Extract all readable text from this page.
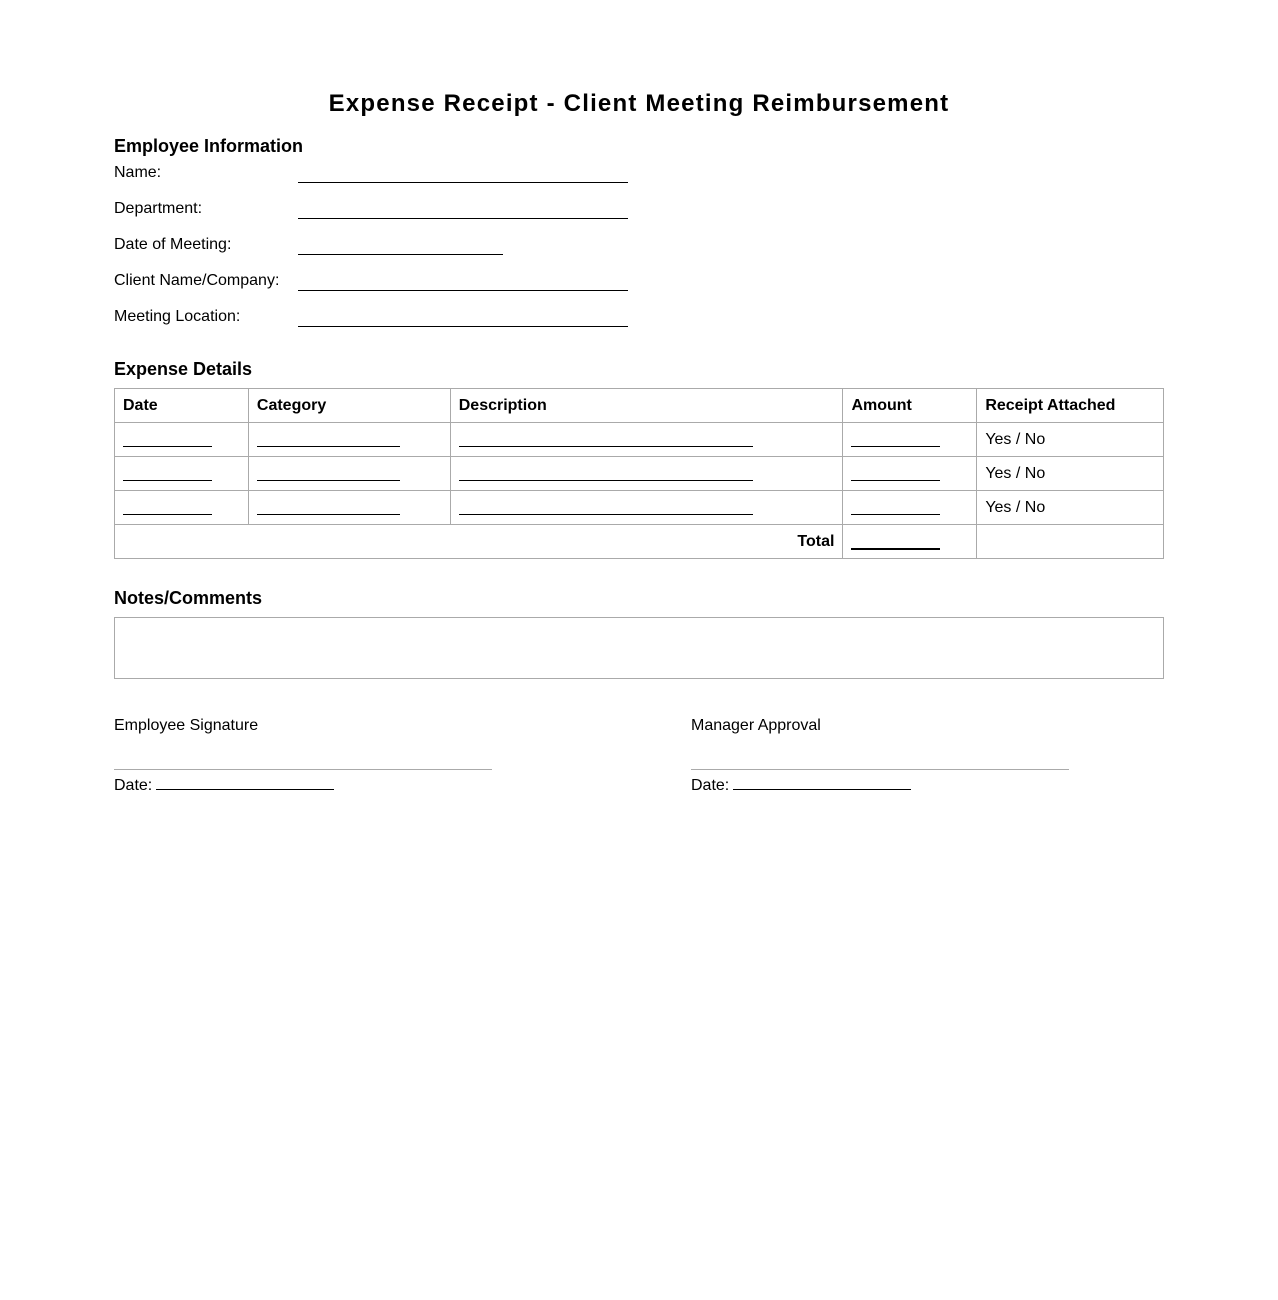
Expense Receipt - Client Meeting Reimbursement
Employee Information
Name:
Department:
Date of Meeting:
Client Name/Company:
Meeting Location:
Expense Details
Date	Category	Description	Amount	Receipt Attached
				Yes / No
				Yes / No
				Yes / No
Total				
Notes/Comments
Employee Signature
Date:
Manager Approval
Date:
